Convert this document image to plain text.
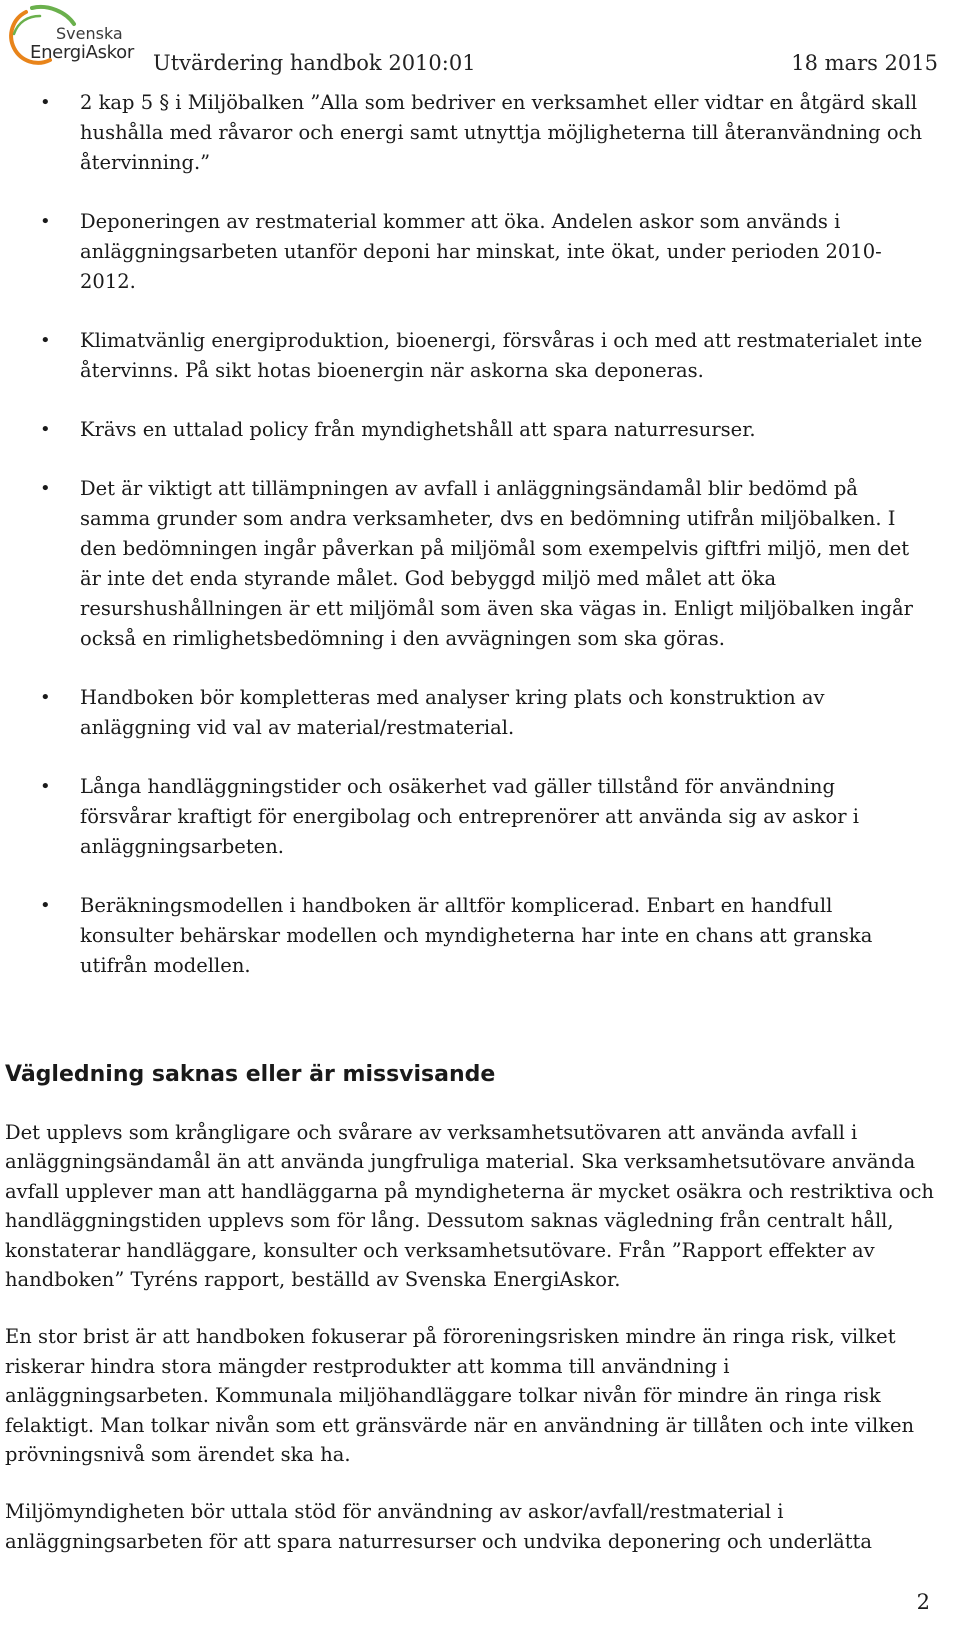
Svenska
EnergiAskor Utvärdering handbok 2010:01	18 mars 2015
• 2 kap 5 § i Miljöbalken ”Alla som bedriver en verksamhet eller vidtar en åtgärd skall hushålla med råvaror och energi samt utnyttja möjligheterna till återanvändning och återvinning.”
• Deponeringen av restmaterial kommer att öka. Andelen askor som används i anläggningsarbeten utanför deponi har minskat, inte ökat, under perioden 2010-2012.
• Klimatvänlig energiproduktion, bioenergi, försvåras i och med att restmaterialet inte återvinns. På sikt hotas bioenergin när askorna ska deponeras.
• Krävs en uttalad policy från myndighetshåll att spara naturresurser.
• Det är viktigt att tillämpningen av avfall i anläggningsändamål blir bedömd på samma grunder som andra verksamheter, dvs en bedömning utifrån miljöbalken. I den bedömningen ingår påverkan på miljömål som exempelvis giftfri miljö, men det är inte det enda styrande målet. God bebyggd miljö med målet att öka resurshushållningen är ett miljömål som även ska vägas in. Enligt miljöbalken ingår också en rimlighetsbedömning i den avvägningen som ska göras.
• Handboken bör kompletteras med analyser kring plats och konstruktion av anläggning vid val av material/restmaterial.
• Långa handläggningstider och osäkerhet vad gäller tillstånd för användning försvårar kraftigt för energibolag och entreprenörer att använda sig av askor i anläggningsarbeten.
• Beräkningsmodellen i handboken är alltför komplicerad. Enbart en handfull konsulter behärskar modellen och myndigheterna har inte en chans att granska utifrån modellen.
Vägledning saknas eller är missvisande

Det upplevs som krångligare och svårare av verksamhetsutövaren att använda avfall i anläggningsändamål än att använda jungfruliga material. Ska verksamhetsutövare använda avfall upplever man att handläggarna på myndigheterna är mycket osäkra och restriktiva och handläggningstiden upplevs som för lång. Dessutom saknas vägledning från centralt håll, konstaterar handläggare, konsulter och verksamhetsutövare. Från ”Rapport effekter av handboken” Tyréns rapport, beställd av Svenska EnergiAskor.

En stor brist är att handboken fokuserar på föroreningsrisken mindre än ringa risk, vilket riskerar hindra stora mängder restprodukter att komma till användning i anläggningsarbeten. Kommunala miljöhandläggare tolkar nivån för mindre än ringa risk felaktigt. Man tolkar nivån som ett gränsvärde när en användning är tillåten och inte vilken prövningsnivå som ärendet ska ha.

Miljömyndigheten bör uttala stöd för användning av askor/avfall/restmaterial i anläggningsarbeten för att spara naturresurser och undvika deponering och underlätta

2
